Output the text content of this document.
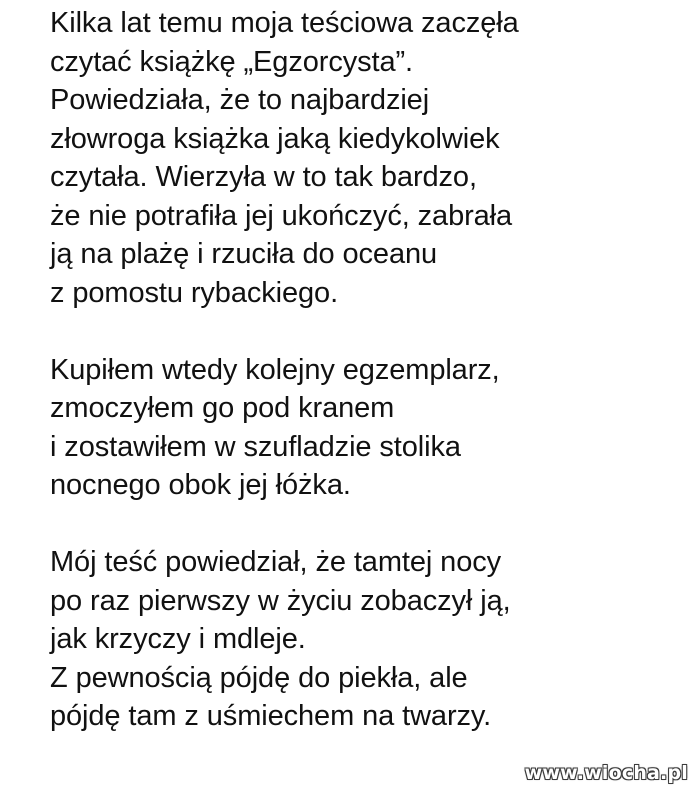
Kilka lat temu moja teściowa zaczęła
czytać książkę „Egzorcysta”.
Powiedziała, że to najbardziej
złowroga książka jaką kiedykolwiek
czytała. Wierzyła w to tak bardzo,
że nie potrafiła jej ukończyć, zabrała
ją na plażę i rzuciła do oceanu
z pomostu rybackiego.
Kupiłem wtedy kolejny egzemplarz,
zmoczyłem go pod kranem
i zostawiłem w szufladzie stolika
nocnego obok jej łóżka.
Mój teść powiedział, że tamtej nocy
po raz pierwszy w życiu zobaczył ją,
jak krzyczy i mdleje.
Z pewnością pójdę do piekła, ale
pójdę tam z uśmiechem na twarzy.
www.wiocha.pl
